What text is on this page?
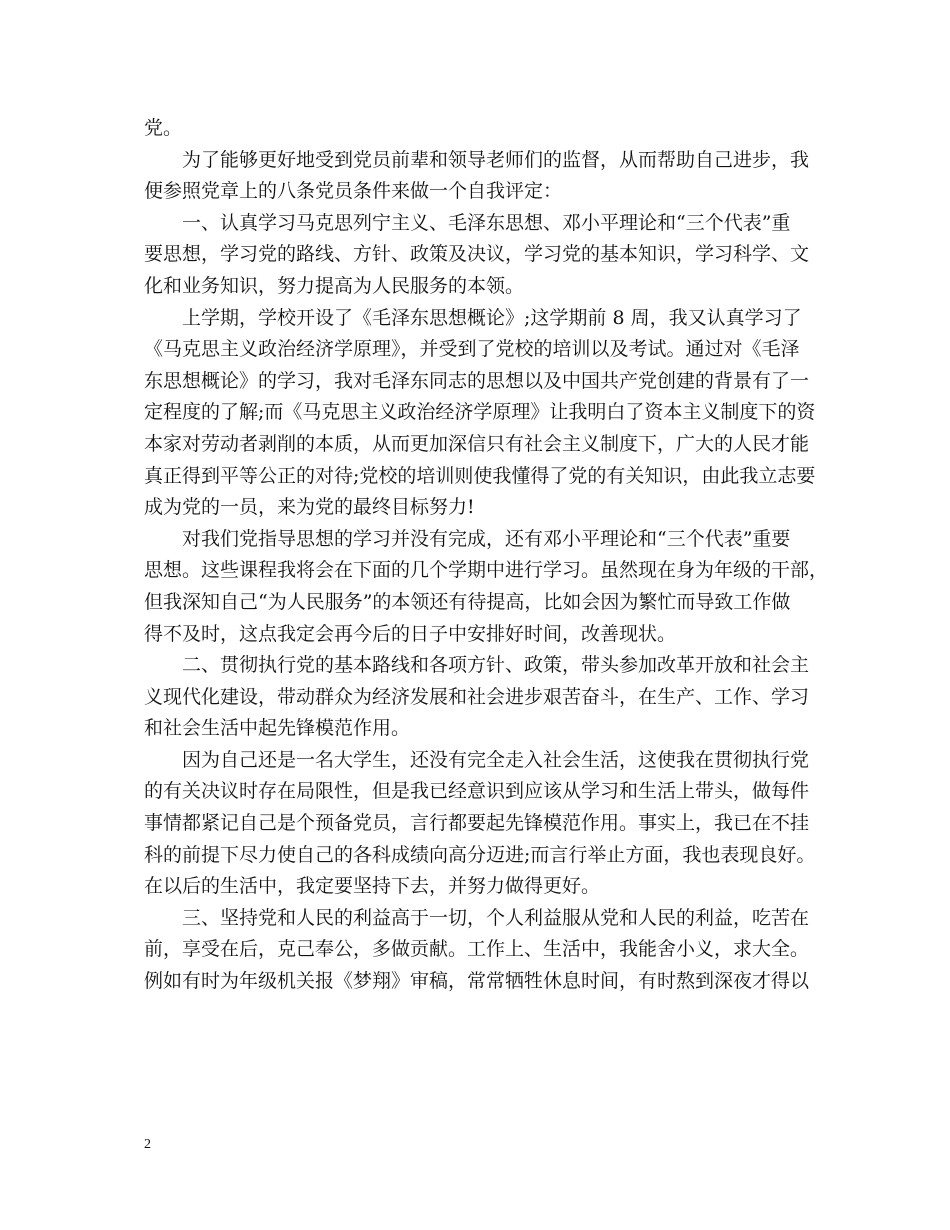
党。
为了能够更好地受到党员前辈和领导老师们的监督，从而帮助自己进步，我
便参照党章上的八条党员条件来做一个自我评定：
一、认真学习马克思列宁主义、毛泽东思想、邓小平理论和“三个代表”重
要思想，学习党的路线、方针、政策及决议，学习党的基本知识，学习科学、文
化和业务知识，努力提高为人民服务的本领。
上学期，学校开设了《毛泽东思想概论》;这学期前 8 周，我又认真学习了
《马克思主义政治经济学原理》，并受到了党校的培训以及考试。通过对《毛泽
东思想概论》的学习，我对毛泽东同志的思想以及中国共产党创建的背景有了一
定程度的了解;而《马克思主义政治经济学原理》让我明白了资本主义制度下的资
本家对劳动者剥削的本质，从而更加深信只有社会主义制度下，广大的人民才能
真正得到平等公正的对待;党校的培训则使我懂得了党的有关知识，由此我立志要
成为党的一员，来为党的最终目标努力!
对我们党指导思想的学习并没有完成，还有邓小平理论和“三个代表”重要
思想。这些课程我将会在下面的几个学期中进行学习。虽然现在身为年级的干部，
但我深知自己“为人民服务”的本领还有待提高，比如会因为繁忙而导致工作做
得不及时，这点我定会再今后的日子中安排好时间，改善现状。
二、贯彻执行党的基本路线和各项方针、政策，带头参加改革开放和社会主
义现代化建设，带动群众为经济发展和社会进步艰苦奋斗，在生产、工作、学习
和社会生活中起先锋模范作用。
因为自己还是一名大学生，还没有完全走入社会生活，这使我在贯彻执行党
的有关决议时存在局限性，但是我已经意识到应该从学习和生活上带头，做每件
事情都紧记自己是个预备党员，言行都要起先锋模范作用。事实上，我已在不挂
科的前提下尽力使自己的各科成绩向高分迈进;而言行举止方面，我也表现良好。
在以后的生活中，我定要坚持下去，并努力做得更好。
三、坚持党和人民的利益高于一切，个人利益服从党和人民的利益，吃苦在
前，享受在后，克己奉公，多做贡献。工作上、生活中，我能舍小义，求大全。
例如有时为年级机关报《梦翔》审稿，常常牺牲休息时间，有时熬到深夜才得以
2
